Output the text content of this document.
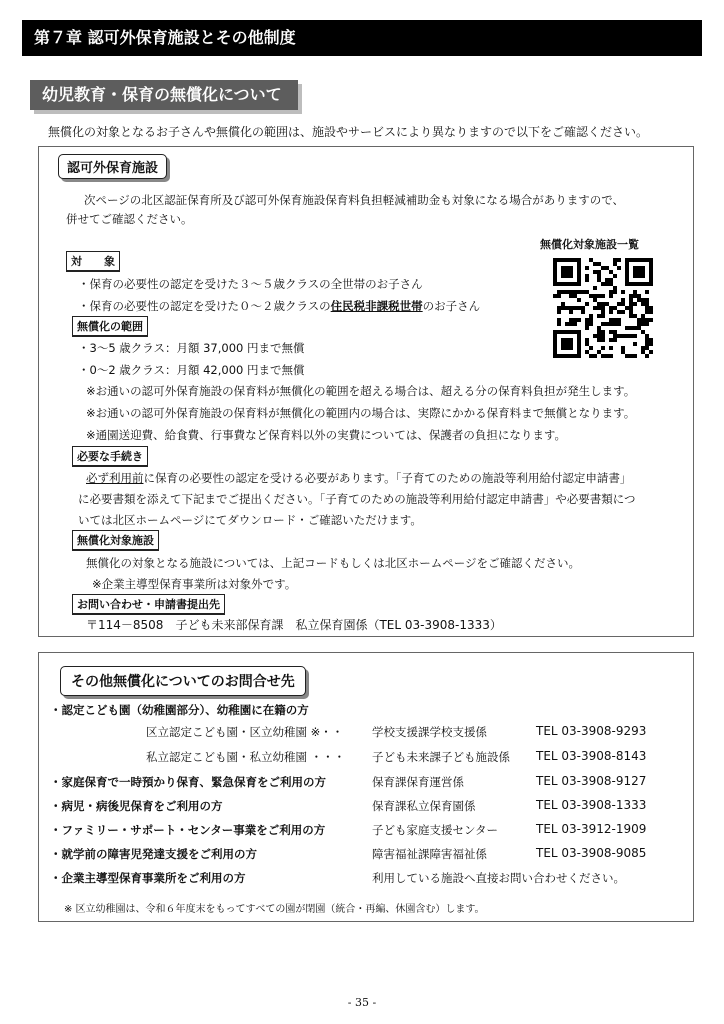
第７章 認可外保育施設とその他制度
幼児教育・保育の無償化について
無償化の対象となるお子さんや無償化の範囲は、施設やサービスにより異なりますので以下をご確認ください。
認可外保育施設
次ページの北区認証保育所及び認可外保育施設保育料負担軽減補助金も対象になる場合がありますので、
併せてご確認ください。
無償化対象施設一覧
対　　象
・保育の必要性の認定を受けた３～５歳クラスの全世帯のお子さん
・保育の必要性の認定を受けた０～２歳クラスの住民税非課税世帯のお子さん
無償化の範囲
・3～5 歳クラス：月額 37,000 円まで無償
・0～2 歳クラス：月額 42,000 円まで無償
※お通いの認可外保育施設の保育料が無償化の範囲を超える場合は、超える分の保育料負担が発生します。
※お通いの認可外保育施設の保育料が無償化の範囲内の場合は、実際にかかる保育料まで無償となります。
※通園送迎費、給食費、行事費など保育料以外の実費については、保護者の負担になります。
必要な手続き
必ず利用前に保育の必要性の認定を受ける必要があります。「子育てのための施設等利用給付認定申請書」
に必要書類を添えて下記までご提出ください。「子育てのための施設等利用給付認定申請書」や必要書類につ
いては北区ホームページにてダウンロード・ご確認いただけます。
無償化対象施設
無償化の対象となる施設については、上記コードもしくは北区ホームページをご確認ください。
※企業主導型保育事業所は対象外です。
お問い合わせ・申請書提出先
〒114－8508　子ども未来部保育課　私立保育園係（TEL 03-3908-1333）
その他無償化についてのお問合せ先
・認定こども園（幼稚園部分）、幼稚園に在籍の方
区立認定こども園・区立幼稚園 ※・・ 学校支援課学校支援係	TEL 03-3908-9293
私立認定こども園・私立幼稚園 ・・・ 子ども未来課子ども施設係 TEL 03-3908-8143
・家庭保育で一時預かり保育、緊急保育をご利用の方	保育課保育運営係	TEL 03-3908-9127
・病児・病後児保育をご利用の方	保育課私立保育園係	TEL 03-3908-1333
・ファミリー・サポート・センター事業をご利用の方	子ども家庭支援センター	TEL 03-3912-1909
・就学前の障害児発達支援をご利用の方	障害福祉課障害福祉係	TEL 03-3908-9085
・企業主導型保育事業所をご利用の方	利用している施設へ直接お問い合わせください。
※ 区立幼稚園は、令和６年度末をもってすべての園が閉園（統合・再編、休園含む）します。
- 35 -
